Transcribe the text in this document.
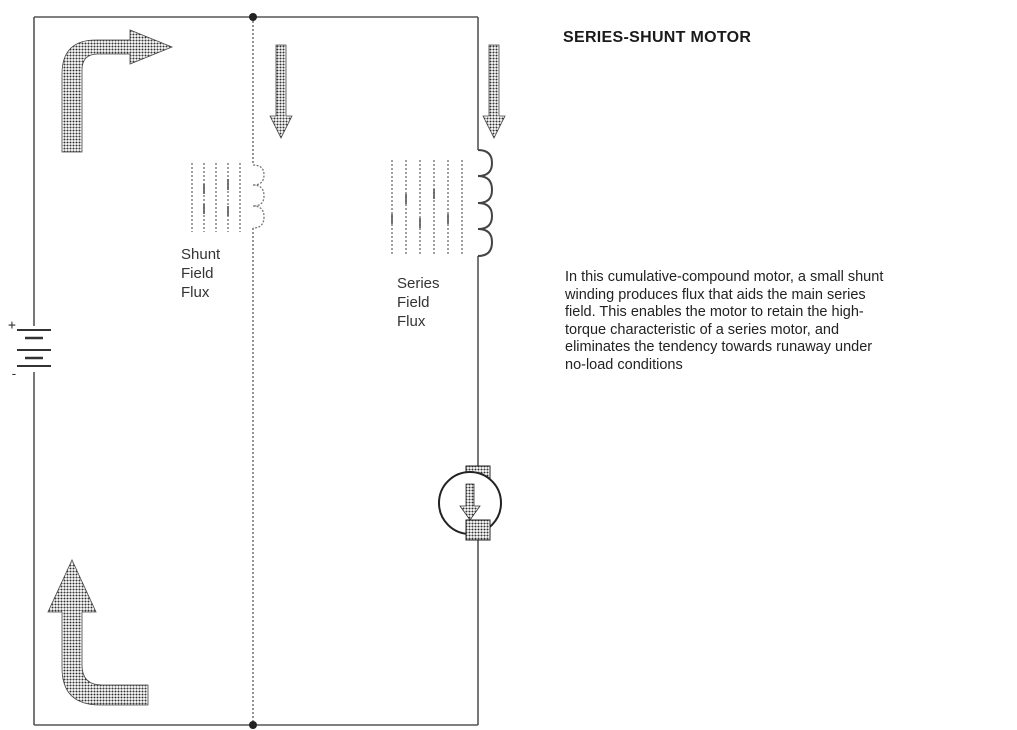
+
-
Shunt
Field
Flux
Series
Field
Flux
SERIES-SHUNT MOTOR
In this cumulative-compound motor, a small shunt
winding produces flux that aids the main series
field. This enables the motor to retain the high-
torque characteristic of a series motor, and
eliminates the tendency towards runaway under
no-load conditions
